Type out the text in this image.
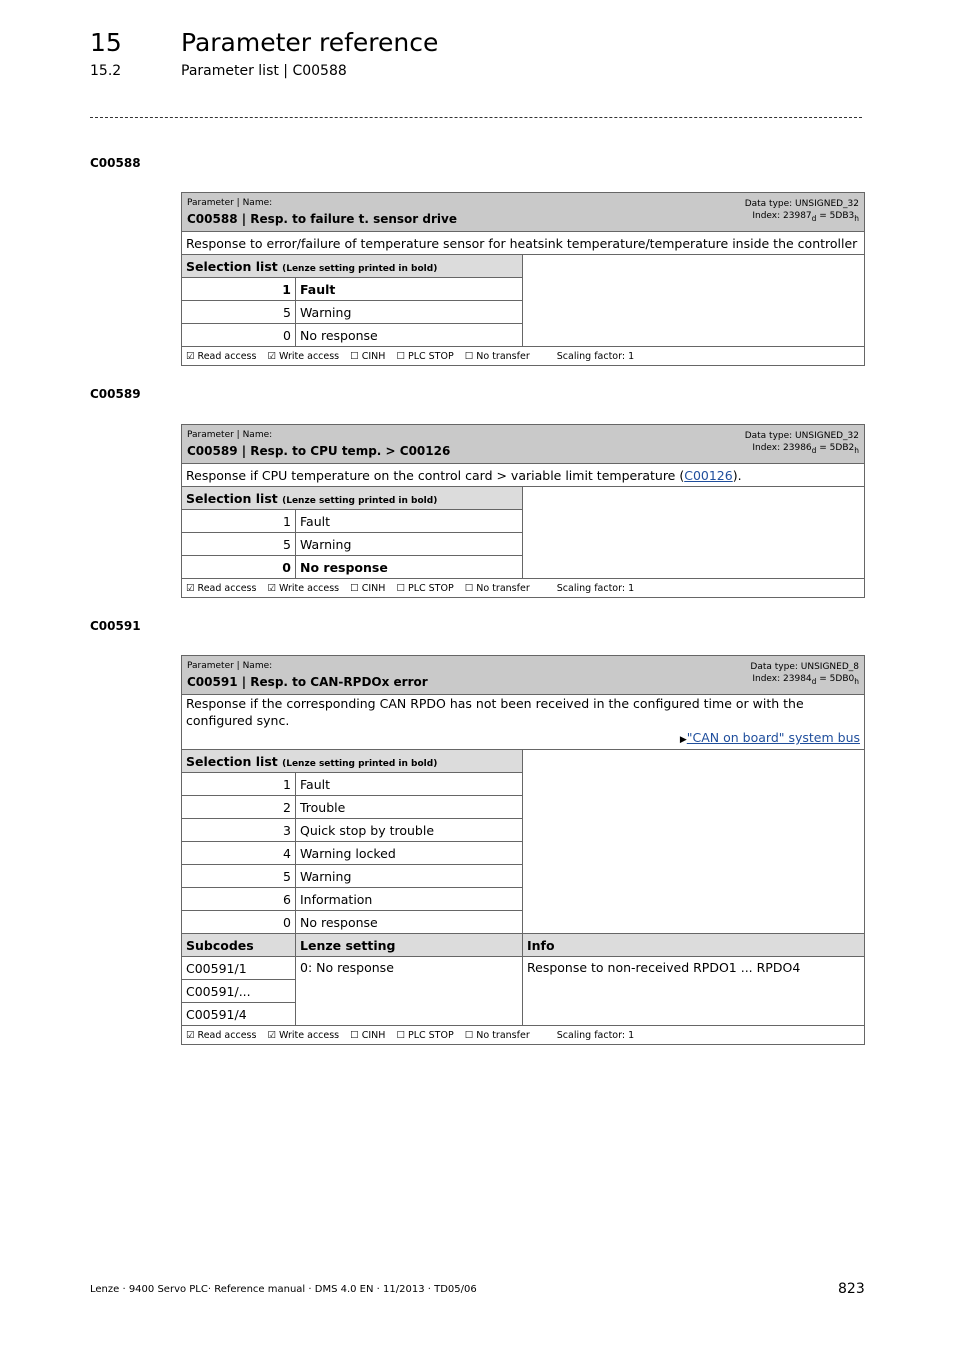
15 Parameter reference
15.2	Parameter list | C00588
C00588
Parameter | Name:
C00588 | Resp. to failure t. sensor drive
Data type: UNSIGNED_32
Index: $23987_d = 5DB3_h$

Response to error/failure of temperature sensor for heatsink temperature/temperature inside the controller		
Selection list (Lenze setting printed in bold)		
1	Fault	
5	Warning	
0	No response	
☑ Read access ☑ Write access ☐ CINH ☐ PLC STOP ☐ No transfer Scaling factor: 1		
C00589
Parameter | Name:
C00589 | Resp. to CPU temp. > C00126
Data type: UNSIGNED_32
Index: $23986_d = 5DB2_h$

Response if CPU temperature on the control card > variable limit temperature (C00126).		
Selection list (Lenze setting printed in bold)		
1	Fault	
5	Warning	
0	No response	
☑ Read access ☑ Write access ☐ CINH ☐ PLC STOP ☐ No transfer Scaling factor: 1		
C00591
Parameter | Name:
C00591 | Resp. to CAN-RPDOx error
Data type: UNSIGNED_8
Index: $23984_d = 5DB0_h$

Response if the corresponding CAN RPDO has not been received in the configured time or with the configured sync.
▶"CAN on board" system bus		

Selection list (Lenze setting printed in bold)		
1	Fault	
2	Trouble	
3	Quick stop by trouble	
4	Warning locked	
5	Warning	
6	Information	
0	No response	
Subcodes	Lenze setting	Info
C00591/1	0: No response	Response to non-received RPDO1 ... RPDO4
C00591/...		
C00591/4		
☑ Read access ☑ Write access ☐ CINH ☐ PLC STOP ☐ No transfer Scaling factor: 1		
Lenze · 9400 Servo PLC· Reference manual · DMS 4.0 EN · 11/2013 · TD05/06	823
